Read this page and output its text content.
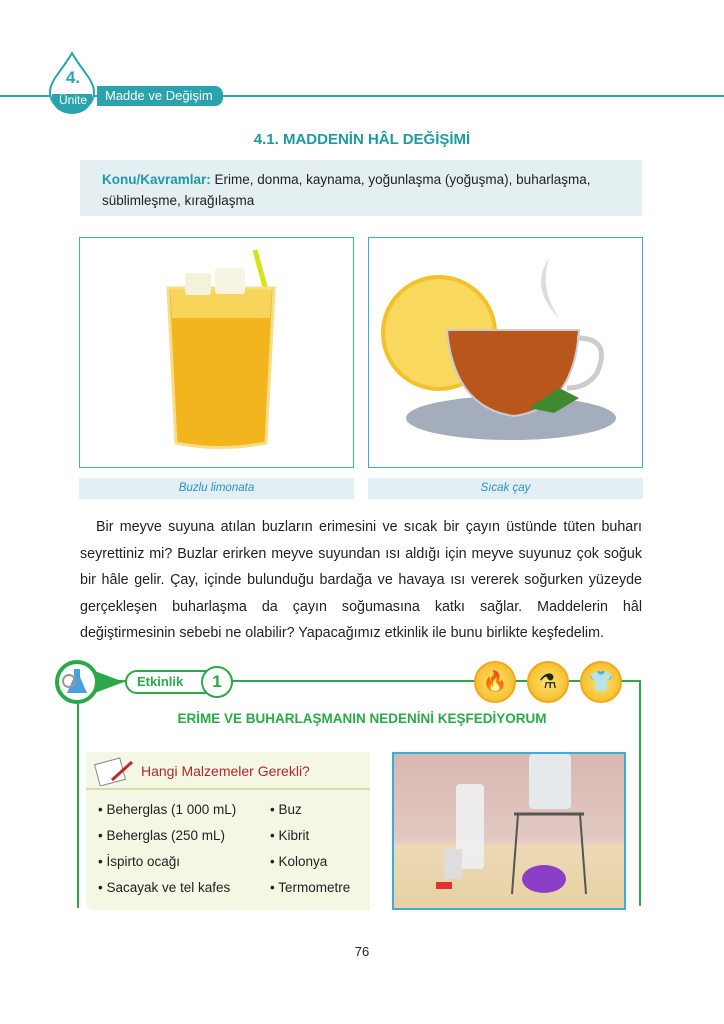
4.
Ünite	Madde ve Değişim
4.1. MADDENİN HÂL DEĞİŞİMİ
Konu/Kavramlar: Erime, donma, kaynama, yoğunlaşma (yoğuşma), buharlaşma, süblimleşme, kırağılaşma
Buzlu limonata	Sıcak çay

Bir meyve suyuna atılan buzların erimesini ve sıcak bir çayın üstünde tüten buharı seyrettiniz mi? Buzlar erirken meyve suyundan ısı aldığı için meyve suyunuz çok soğuk bir hâle gelir. Çay, içinde bulunduğu bardağa ve havaya ısı vererek soğurken yüzeyde gerçekleşen buharlaşma da çayın soğumasına katkı sağlar. Maddelerin hâl değiştirmesinin sebebi ne olabilir? Yapacağımız etkinlik ile bunu birlikte keşfedelim.

Etkinlik	1	🔥	⚗	👕
ERİME VE BUHARLAŞMANIN NEDENİNİ KEŞFEDİYORUM
Hangi Malzemeler Gerekli?
• Beherglas (1 000 mL)
• Beherglas (250 mL)
• İspirto ocağı
• Sacayak ve tel kafes
• Buz
• Kibrit
• Kolonya
• Termometre
76
